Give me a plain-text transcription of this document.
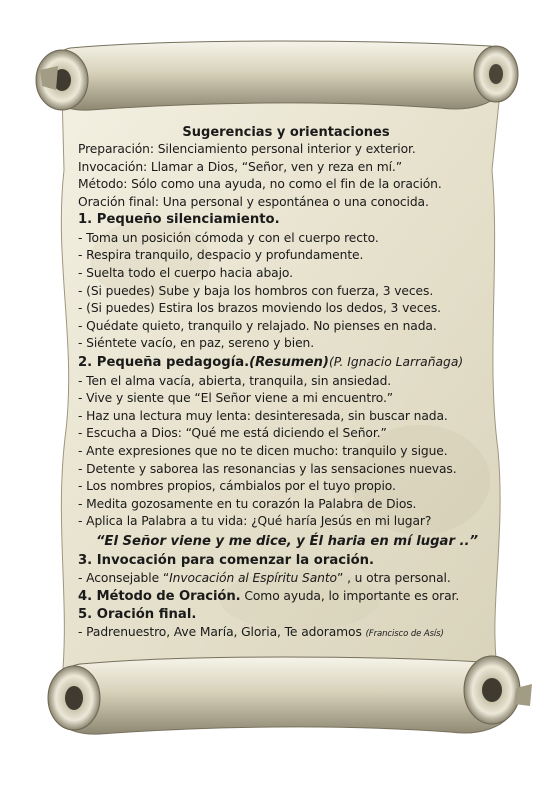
Sugerencias y orientaciones
Preparación: Silenciamiento personal interior y exterior.
Invocación: Llamar a Dios, “Señor, ven y reza en mí.”
Método: Sólo como una ayuda, no como el fin de la oración.
Oración final: Una personal y espontánea o una conocida.
1. Pequeño silenciamiento.
- Toma un posición cómoda y con el cuerpo recto.
- Respira tranquilo, despacio y profundamente.
- Suelta todo el cuerpo hacia abajo.
- (Si puedes) Sube y baja los hombros con fuerza, 3 veces.
- (Si puedes) Estira los brazos moviendo los dedos, 3 veces.
- Quédate quieto, tranquilo y relajado. No pienses en nada.
- Siéntete vacío, en paz, sereno y bien.
2. Pequeña pedagogía.(Resumen)(P. Ignacio Larrañaga)
- Ten el alma vacía, abierta, tranquila, sin ansiedad.
- Vive y siente que “El Señor viene a mi encuentro.”
- Haz una lectura muy lenta: desinteresada, sin buscar nada.
- Escucha a Dios: “Qué me está diciendo el Señor.”
- Ante expresiones que no te dicen mucho: tranquilo y sigue.
- Detente y saborea las resonancias y las sensaciones nuevas.
- Los nombres propios, cámbialos por el tuyo propio.
- Medita gozosamente en tu corazón la Palabra de Dios.
- Aplica la Palabra a tu vida: ¿Qué haría Jesús en mi lugar?
“El Señor viene y me dice, y Él haria en mí lugar ..”
3. Invocación para comenzar la oración.
- Aconsejable “Invocación al Espíritu Santo” , u otra personal.
4. Método de Oración. Como ayuda, lo importante es orar.
5. Oración final.
- Padrenuestro, Ave María, Gloria, Te adoramos (Francisco de Asís)
